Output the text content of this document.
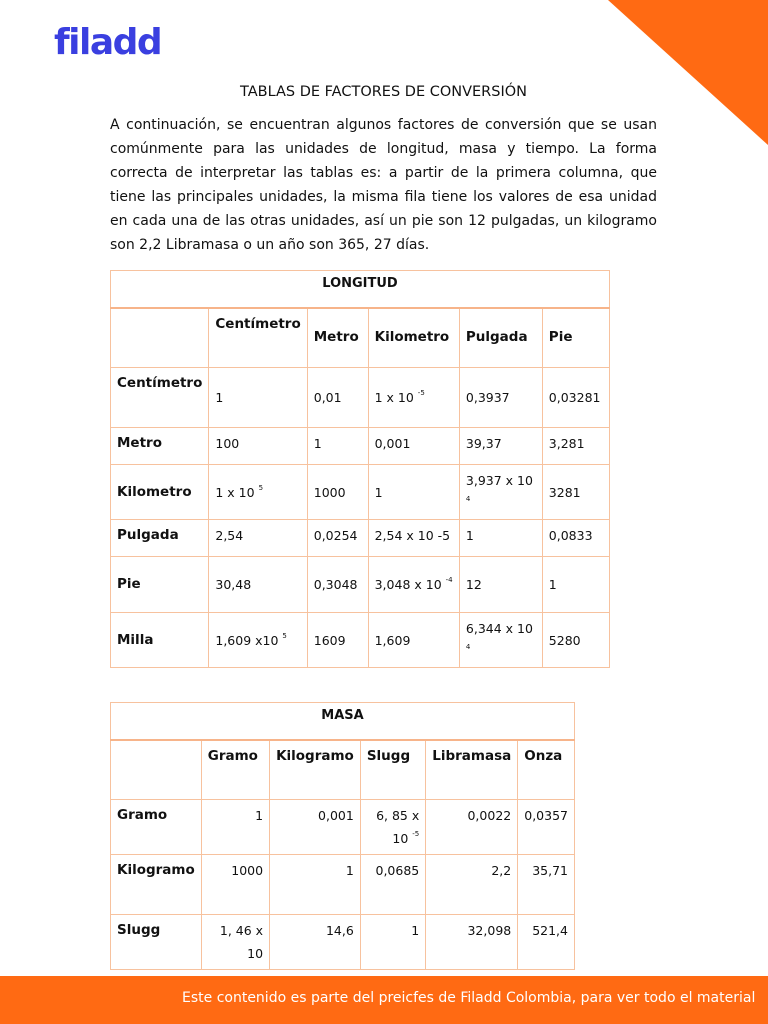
filadd
TABLAS DE FACTORES DE CONVERSIÓN
A continuación, se encuentran algunos factores de conversión que se usan comúnmente para las unidades de longitud, masa y tiempo. La forma correcta de interpretar las tablas es: a partir de la primera columna, que tiene las principales unidades, la misma fila tiene los valores de esa unidad en cada una de las otras unidades, así un pie son 12 pulgadas, un kilogramo son 2,2 Libramasa o un año son 365, 27 días.
LONGITUD					
	Centímetro	Metro	Kilometro	Pulgada	Pie
Centímetro	1	0,01	1 x 10 $^{-5}$	0,3937	0,03281
Metro	100	1	0,001	39,37	3,281
Kilometro	1 x 10 $^5$	1000	1	3,937 x 10 $^4$	3281
Pulgada	2,54	0,0254	2,54 x 10 -5	1	0,0833
Pie	30,48	0,3048	3,048 x 10 $^{-4}$	12	1
Milla	1,609 x10 $^5$	1609	1,609	6,344 x 10 $^4$	5280
MASA					
	Gramo	Kilogramo	Slugg	Libramasa	Onza
Gramo	1	0,001	6, 85 x 10 $^{-5}$	0,0022	0,0357
Kilogramo	1000	1	0,0685	2,2	35,71
Slugg	1, 46 x 10	14,6	1	32,098	521,4
Este contenido es parte del preicfes de Filadd Colombia, para ver todo el material
